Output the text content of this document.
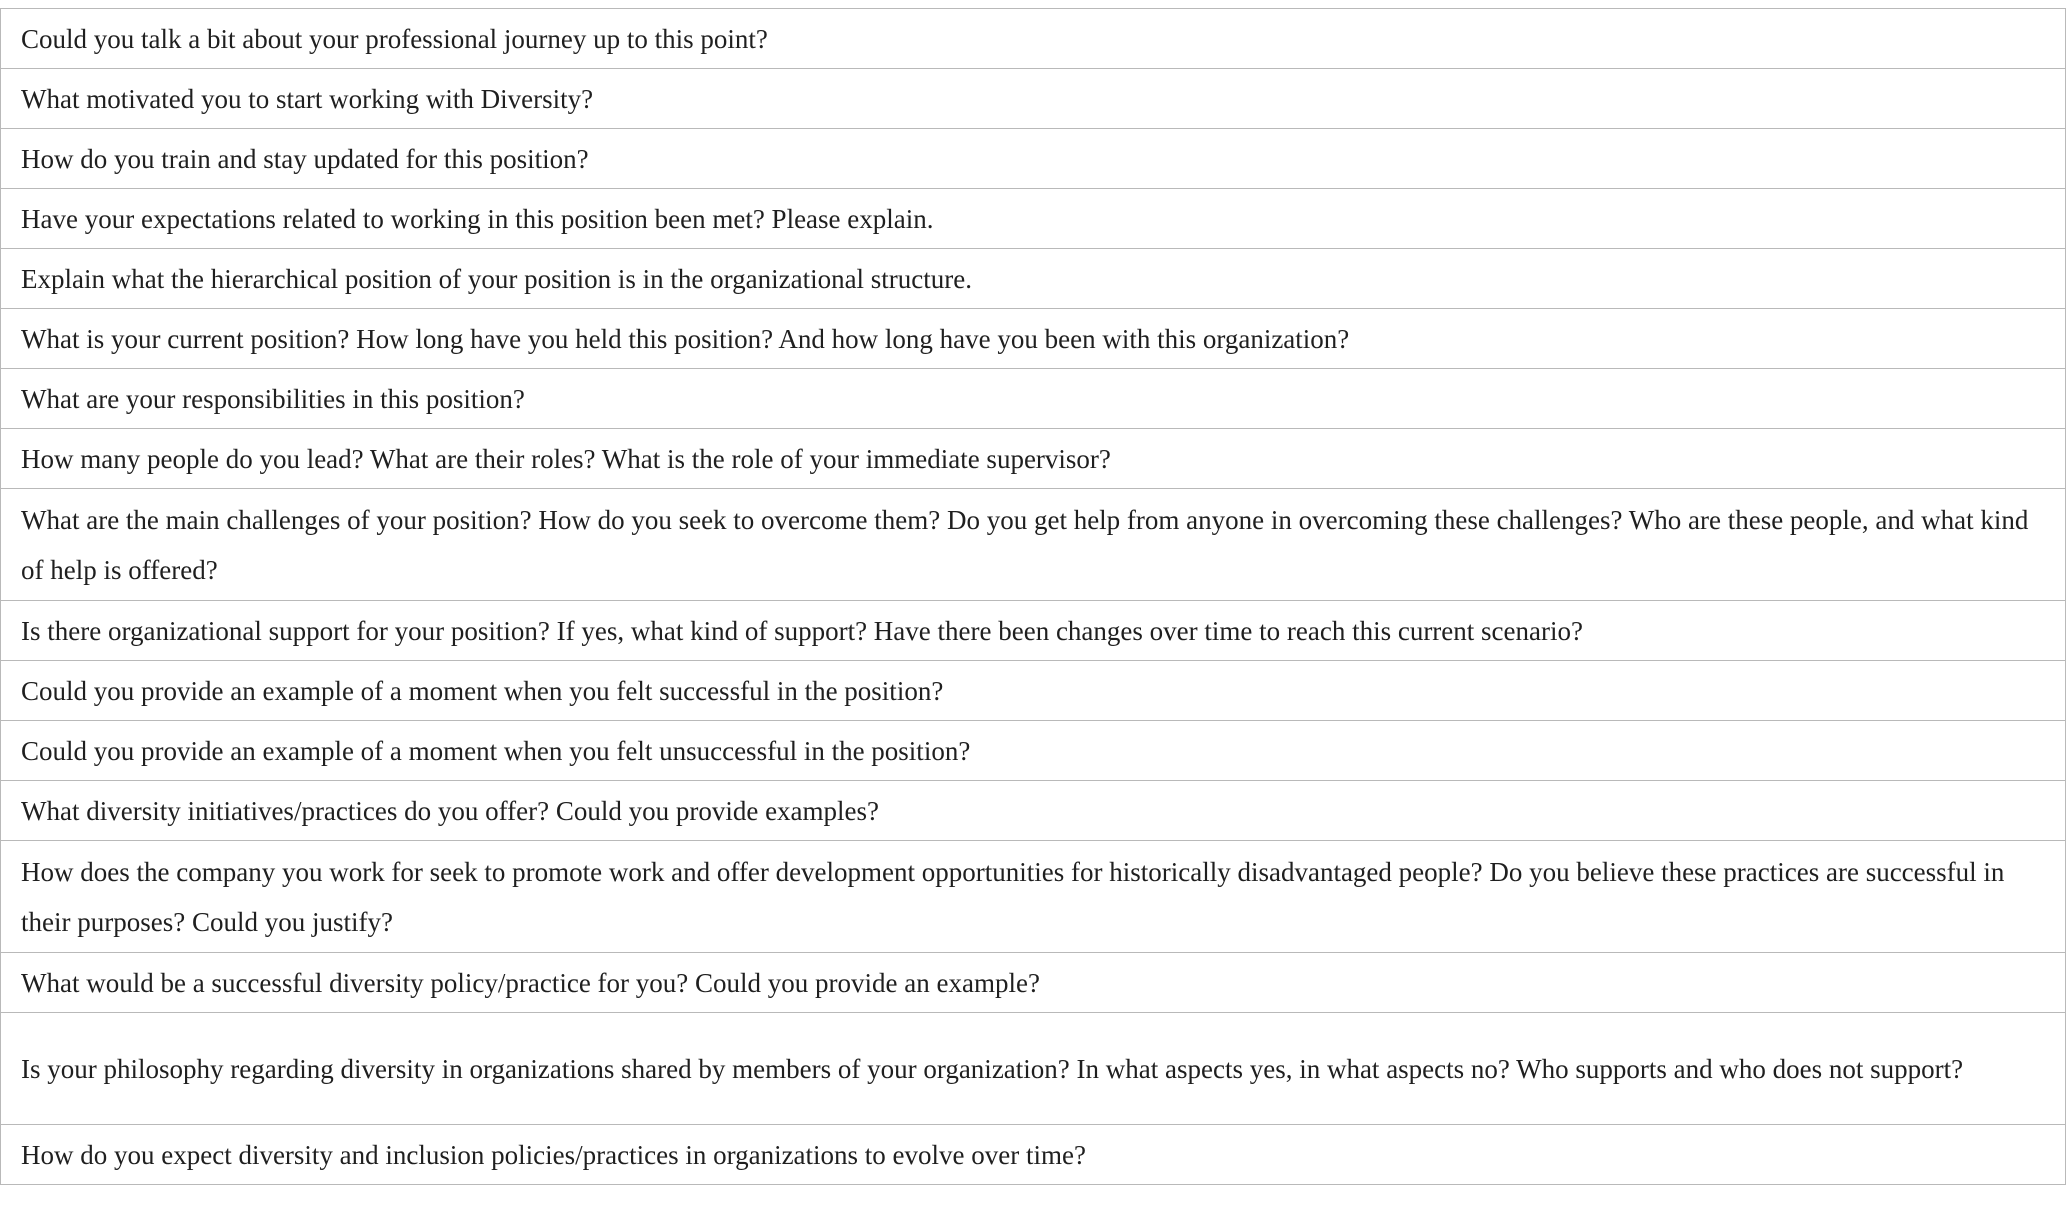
Could you talk a bit about your professional journey up to this point?
What motivated you to start working with Diversity?
How do you train and stay updated for this position?
Have your expectations related to working in this position been met? Please explain.
Explain what the hierarchical position of your position is in the organizational structure.
What is your current position? How long have you held this position? And how long have you been with this organization?
What are your responsibilities in this position?
How many people do you lead? What are their roles? What is the role of your immediate supervisor?
What are the main challenges of your position? How do you seek to overcome them? Do you get help from anyone in overcoming these challenges? Who are these people, and what kind of help is offered?
Is there organizational support for your position? If yes, what kind of support? Have there been changes over time to reach this current scenario?
Could you provide an example of a moment when you felt successful in the position?
Could you provide an example of a moment when you felt unsuccessful in the position?
What diversity initiatives/practices do you offer? Could you provide examples?
How does the company you work for seek to promote work and offer development opportunities for historically disadvantaged people? Do you believe these practices are successful in their purposes? Could you justify?
What would be a successful diversity policy/practice for you? Could you provide an example?
Is your philosophy regarding diversity in organizations shared by members of your organization? In what aspects yes, in what aspects no? Who supports and who does not support?
How do you expect diversity and inclusion policies/practices in organizations to evolve over time?
